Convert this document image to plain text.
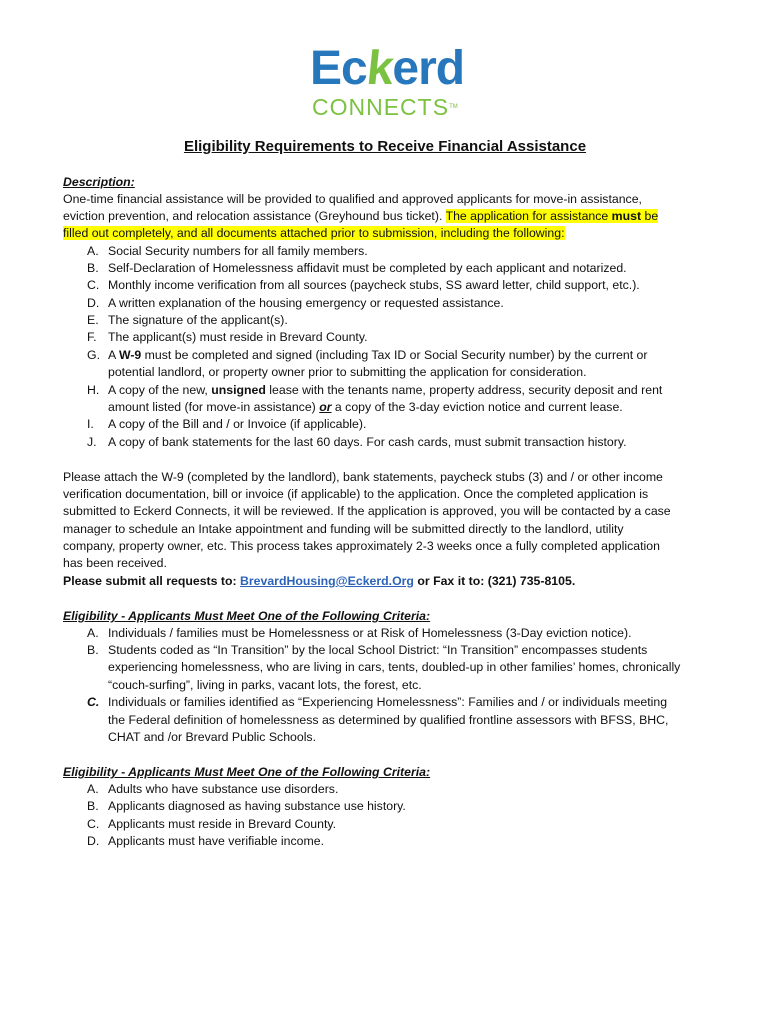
Eckerd
CONNECTSTM
Eligibility Requirements to Receive Financial Assistance
Description:
One-time financial assistance will be provided to qualified and approved applicants for move-in assistance,
eviction prevention, and relocation assistance (Greyhound bus ticket). The application for assistance must be
filled out completely, and all documents attached prior to submission, including the following:
A. Social Security numbers for all family members.
B. Self-Declaration of Homelessness affidavit must be completed by each applicant and notarized.
C. Monthly income verification from all sources (paycheck stubs, SS award letter, child support, etc.).
D. A written explanation of the housing emergency or requested assistance.
E. The signature of the applicant(s).
F. The applicant(s) must reside in Brevard County.
G. A W-9 must be completed and signed (including Tax ID or Social Security number) by the current or
potential landlord, or property owner prior to submitting the application for consideration.
H. A copy of the new, unsigned lease with the tenants name, property address, security deposit and rent
amount listed (for move-in assistance) or a copy of the 3-day eviction notice and current lease.
I.	A copy of the Bill and / or Invoice (if applicable).
J. A copy of bank statements for the last 60 days. For cash cards, must submit transaction history.
Please attach the W-9 (completed by the landlord), bank statements, paycheck stubs (3) and / or other income
verification documentation, bill or invoice (if applicable) to the application. Once the completed application is
submitted to Eckerd Connects, it will be reviewed. If the application is approved, you will be contacted by a case
manager to schedule an Intake appointment and funding will be submitted directly to the landlord, utility
company, property owner, etc. This process takes approximately 2-3 weeks once a fully completed application
has been received.
Please submit all requests to: BrevardHousing@Eckerd.Org or Fax it to: (321) 735-8105.
Eligibility - Applicants Must Meet One of the Following Criteria:
A. Individuals / families must be Homelessness or at Risk of Homelessness (3-Day eviction notice).
B. Students coded as “In Transition” by the local School District: “In Transition” encompasses students
experiencing homelessness, who are living in cars, tents, doubled-up in other families’ homes, chronically
“couch-surfing”, living in parks, vacant lots, the forest, etc.
C. Individuals or families identified as “Experiencing Homelessness”: Families and / or individuals meeting
the Federal definition of homelessness as determined by qualified frontline assessors with BFSS, BHC,
CHAT and /or Brevard Public Schools.
Eligibility - Applicants Must Meet One of the Following Criteria:
A. Adults who have substance use disorders.
B. Applicants diagnosed as having substance use history.
C. Applicants must reside in Brevard County.
D. Applicants must have verifiable income.
